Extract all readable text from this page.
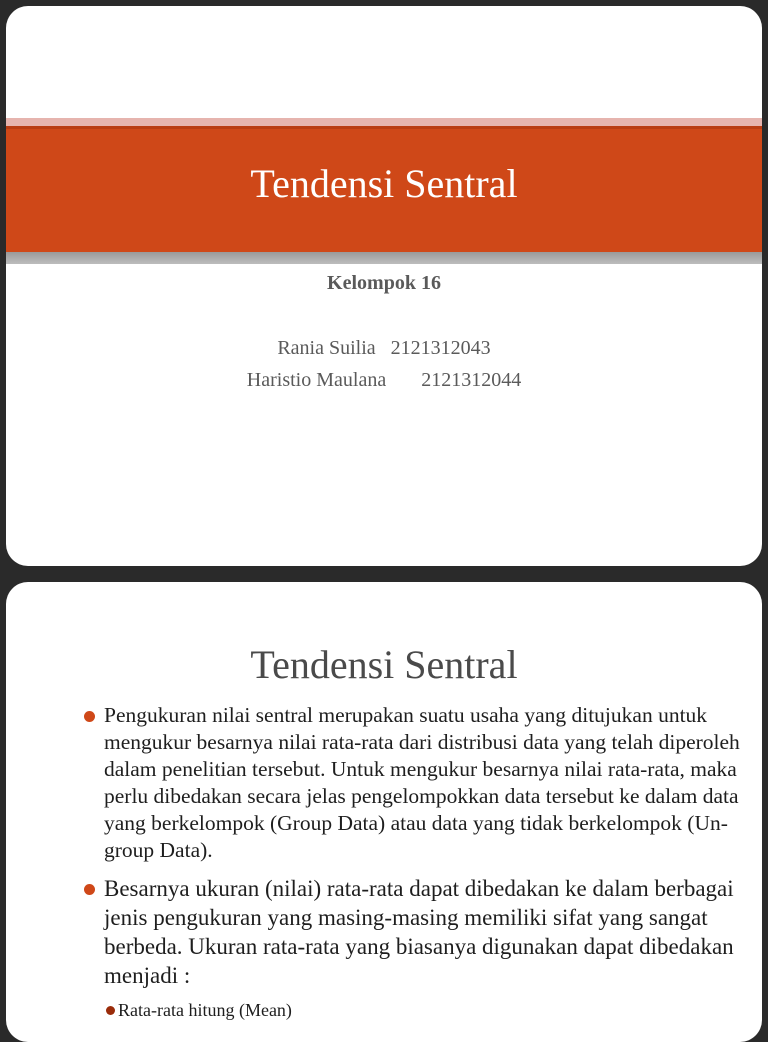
Tendensi Sentral
Kelompok 16
Rania Suilia 2121312043
Haristio Maulana 2121312044
Tendensi Sentral
Pengukuran nilai sentral merupakan suatu usaha yang ditujukan untuk mengukur besarnya nilai rata-rata dari distribusi data yang telah diperoleh dalam penelitian tersebut. Untuk mengukur besarnya nilai rata-rata, maka perlu dibedakan secara jelas pengelompokkan data tersebut ke dalam data yang berkelompok (Group Data) atau data yang tidak berkelompok (Un-group Data).
Besarnya ukuran (nilai) rata-rata dapat dibedakan ke dalam berbagai jenis pengukuran yang masing-masing memiliki sifat yang sangat berbeda. Ukuran rata-rata yang biasanya digunakan dapat dibedakan menjadi :
Rata-rata hitung (Mean)
